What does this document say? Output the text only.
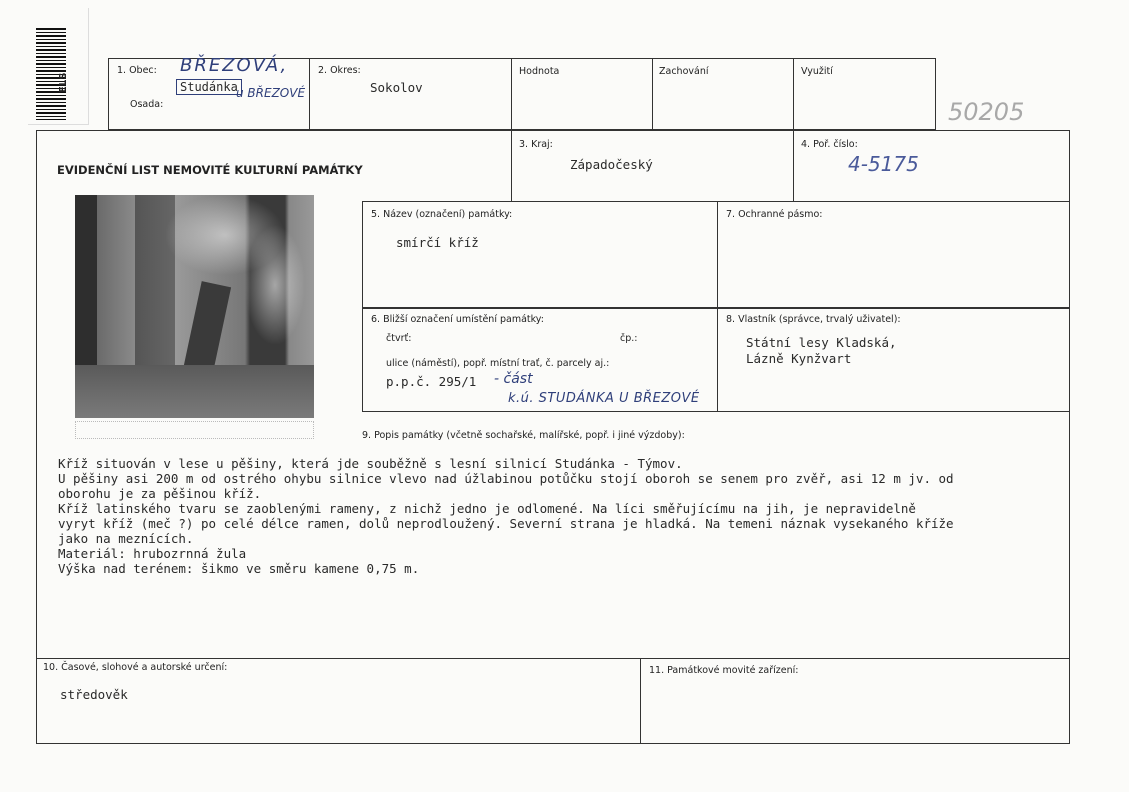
ELS
50205
1. Obec: BŘEZOVÁ,
Osada:
Studánka
u BŘEZOVÉ
2. Okres:
Sokolov
Hodnota	Zachování	Využití
EVIDENČNÍ LIST NEMOVITÉ KULTURNÍ PAMÁTKY
3. Kraj:
Západočeský
4. Poř. číslo:
4-5175
5. Název (označení) památky:
smírčí kříž
7. Ochranné pásmo:
6. Bližší označení umístění památky:
čtvrť:	čp.:
ulice (náměstí), popř. místní trať, č. parcely aj.:
p.p.č. 295/1 - část
k.ú. STUDÁNKA U BŘEZOVÉ
8. Vlastník (správce, trvalý uživatel):
Státní lesy Kladská,
Lázně Kynžvart
9. Popis památky (včetně sochařské, malířské, popř. i jiné výzdoby):
Kříž situován v lese u pěšiny, která jde souběžně s lesní silnicí Studánka - Týmov.
U pěšiny asi 200 m od ostrého ohybu silnice vlevo nad úžlabinou potůčku stojí oboroh se senem pro zvěř, asi 12 m jv. od
oborohu je za pěšinou kříž.
Kříž latinského tvaru se zaoblenými rameny, z nichž jedno je odlomené. Na líci směřujícímu na jih, je nepravidelně
vyryt kříž (meč ?) po celé délce ramen, dolů neprodloužený. Severní strana je hladká. Na temeni náznak vysekaného kříže
jako na meznících.
Materiál: hrubozrnná žula
Výška nad terénem: šikmo ve směru kamene 0,75 m.
10. Časové, slohové a autorské určení:
středověk
11. Památkové movité zařízení:
